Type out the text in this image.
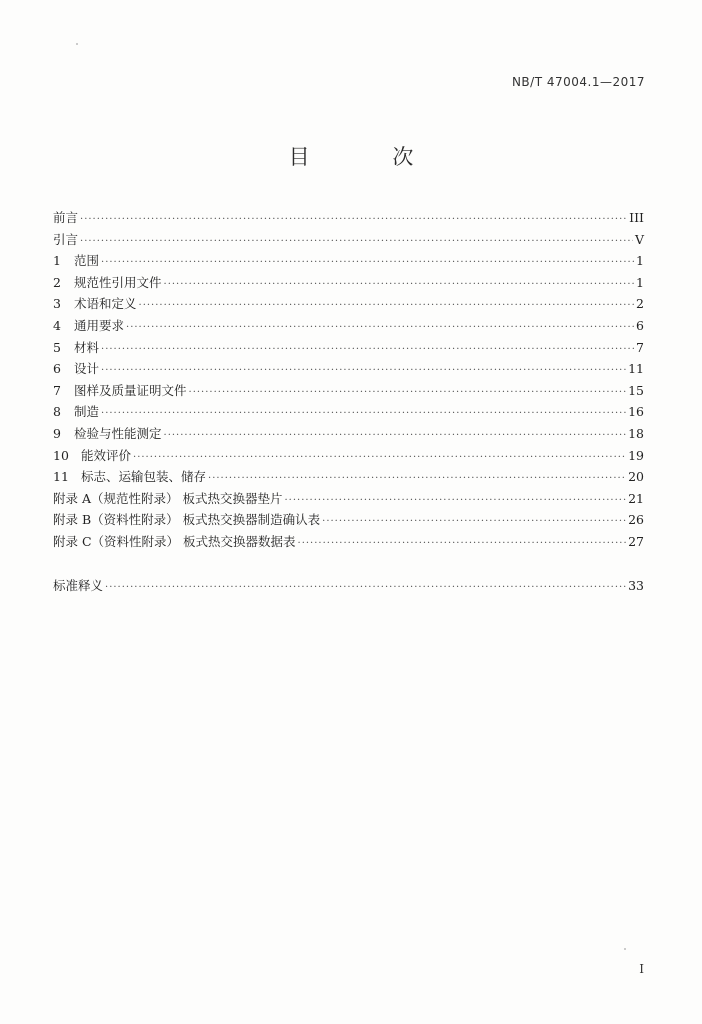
NB/T 47004.1—2017
目 次
前言 ·····	III
引言 ·····	V
1	范围 ·····	1
2	规范性引用文件 ·····	1
3	术语和定义 ·····	2
4	通用要求 ·····	6
5	材料 ·····	7
6	设计 ·····	11
7	图样及质量证明文件 ·····	15
8	制造 ·····	16
9	检验与性能测定 ·····	18
10 能效评价 ·····	19
11 标志、运输包装、储存 ·····	20
附录 A（规范性附录） 板式热交换器垫片 ·····	21
附录 B（资料性附录） 板式热交换器制造确认表 ·····	26
附录 C（资料性附录） 板式热交换器数据表 ·····	27
标准释义 ·····	33
I
